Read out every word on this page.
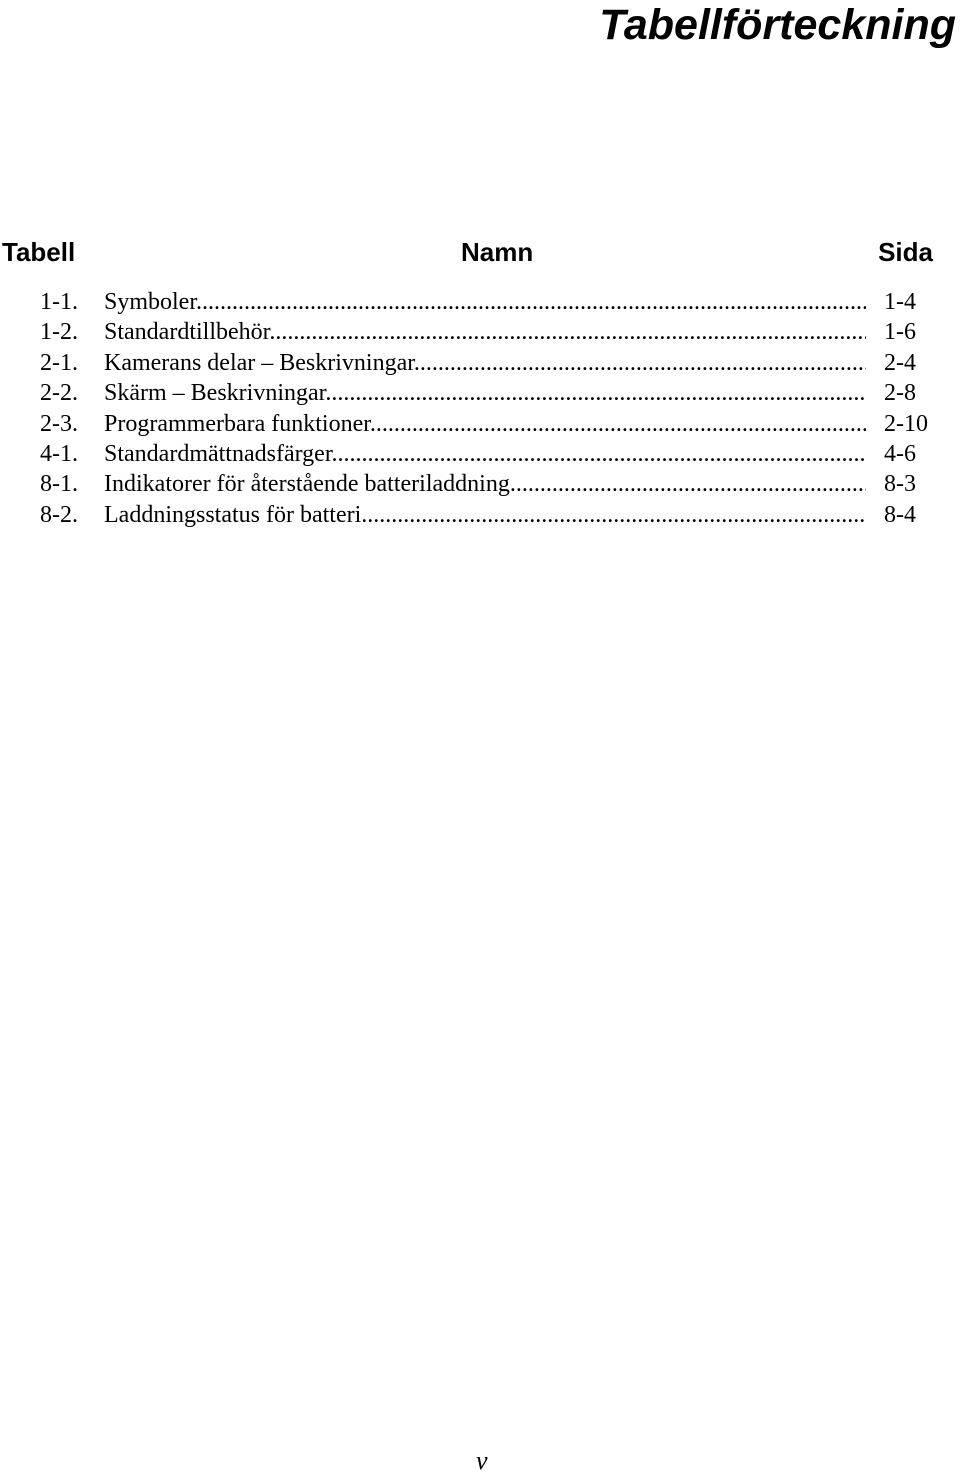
Tabellförteckning
Tabell	Namn	Sida
1-1. Symboler .....	1-4
1-2. Standardtillbehör .....	1-6
2-1. Kamerans delar – Beskrivningar .....	2-4
2-2. Skärm – Beskrivningar .....	2-8
2-3. Programmerbara funktioner .....	2-10
4-1. Standardmättnadsfärger .....	4-6
8-1. Indikatorer för återstående batteriladdning .....	8-3
8-2. Laddningsstatus för batteri .....	8-4
v
